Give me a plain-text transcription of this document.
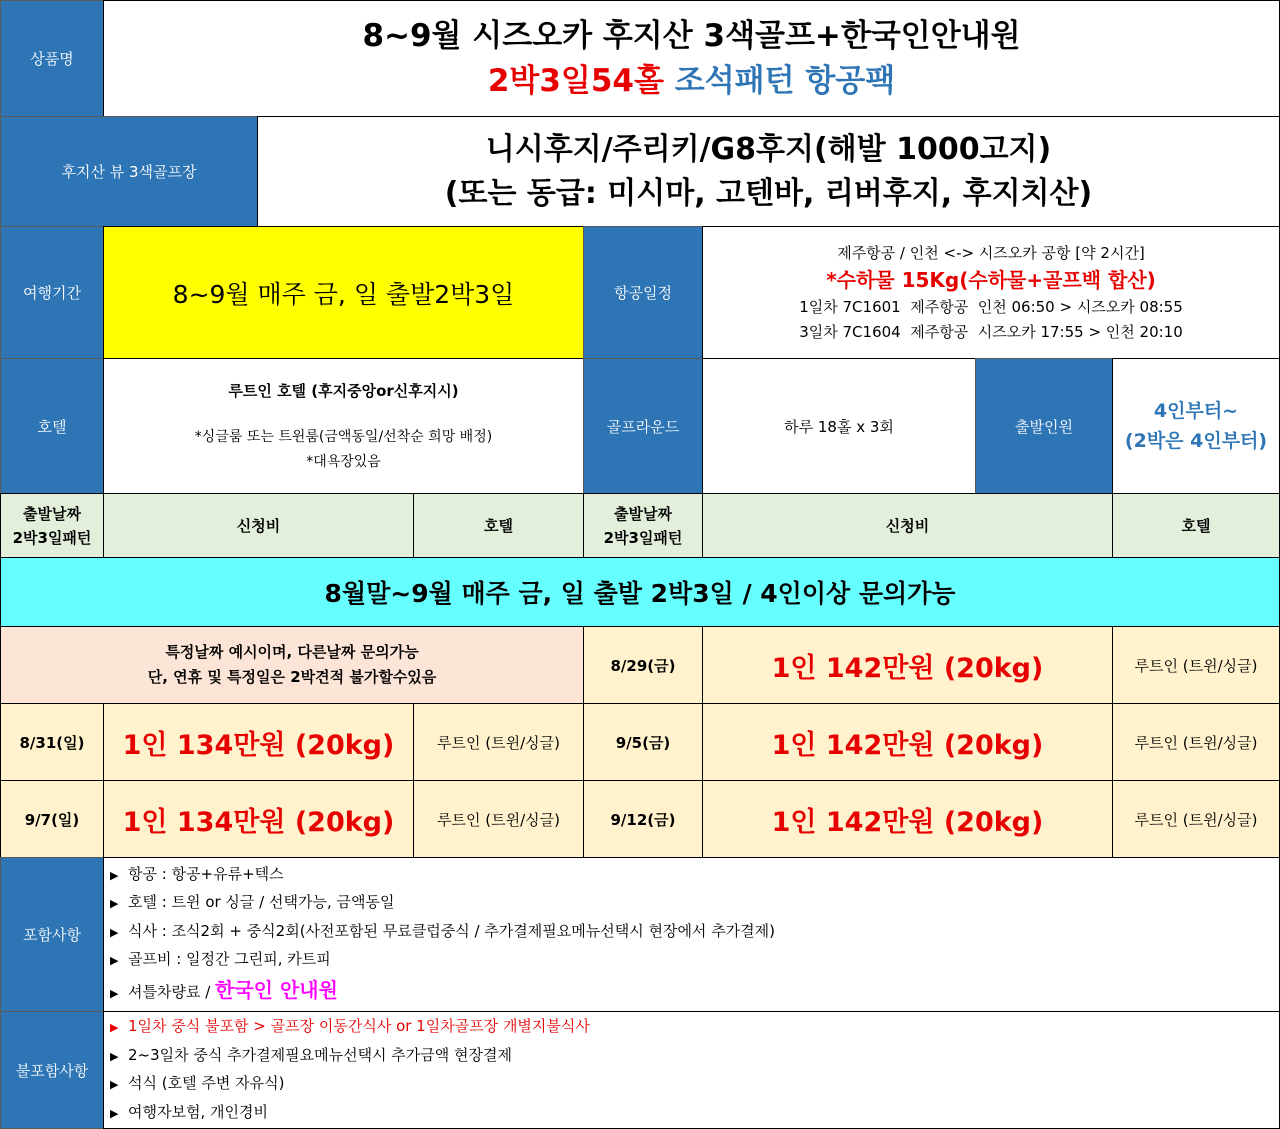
상품명
8~9월 시즈오카 후지산 3색골프+한국인안내원
2박3일54홀 조석패턴 항공팩
후지산 뷰 3색골프장
니시후지/주리키/G8후지(해발 1000고지)
(또는 동급: 미시마, 고텐바, 리버후지, 후지치산)
여행기간	8~9월 매주 금, 일 출발2박3일	항공일정
제주항공 / 인천 <-> 시즈오카 공항 [약 2시간]
*수하물 15Kg(수하물+골프백 합산)
1일차 7C1601  제주항공  인천 06:50 > 시즈오카 08:55
3일차 7C1604  제주항공  시즈오카 17:55 > 인천 20:10
호텔
루트인 호텔 (후지중앙or신후지시)
*싱글룸 또는 트윈룸(금액동일/선착순 희망 배정)
*대욕장있음
골프라운드	하루 18홀 x 3회	출발인원
4인부터~
(2박은 4인부터)
출발날짜
2박3일패턴
신청비	호텔
출발날짜
2박3일패턴
신청비	호텔
8월말~9월 매주 금, 일 출발 2박3일 / 4인이상 문의가능
특정날짜 예시이며, 다른날짜 문의가능
단, 연휴 및 특정일은 2박견적 불가할수있음
8/29(금)	1인 142만원 (20kg)	루트인 (트윈/싱글)
8/31(일) 1인 134만원 (20kg)	루트인 (트윈/싱글)	9/5(금)	1인 142만원 (20kg)	루트인 (트윈/싱글)
9/7(일) 1인 134만원 (20kg)	루트인 (트윈/싱글)	9/12(금)	1인 142만원 (20kg)	루트인 (트윈/싱글)
포함사항
▶ 항공 : 항공+유류+텍스
▶ 호텔 : 트윈 or 싱글 / 선택가능, 금액동일
▶ 식사 : 조식2회 + 중식2회(사전포함된 무료클럽중식 / 추가결제필요메뉴선택시 현장에서 추가결제)
▶ 골프비 : 일정간 그린피, 카트피
▶ 셔틀차량료 / 한국인 안내원
불포함사항
▶ 1일차 중식 불포함 > 골프장 이동간식사 or 1일차골프장 개별지불식사
▶ 2~3일차 중식 추가결제필요메뉴선택시 추가금액 현장결제
▶ 석식 (호텔 주변 자유식)
▶ 여행자보험, 개인경비
